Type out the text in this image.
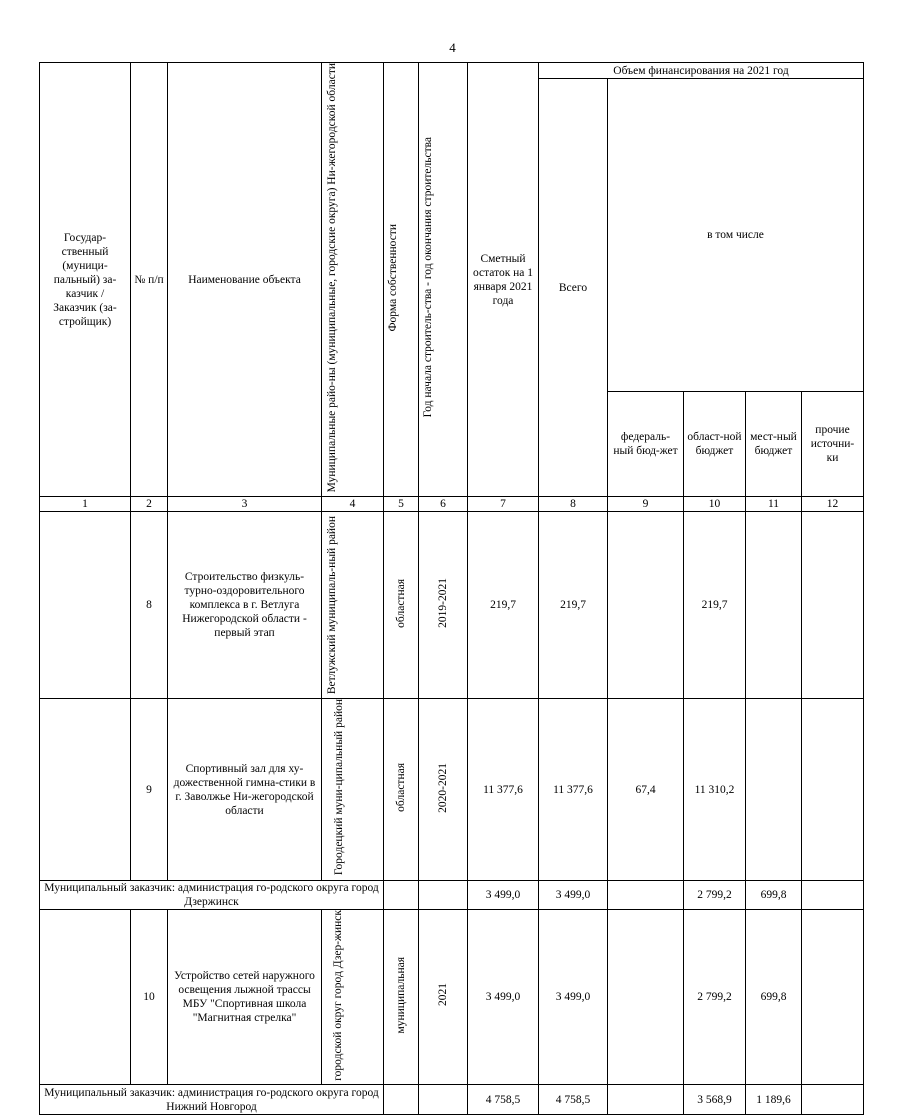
4
Государ-ственный (муници-пальный) за-казчик / Заказчик (за-стройщик)	№ п/п	Наименование объекта	Муниципальные райо-ны (муниципальные, городские округа) Ни-жегородской области	Форма собственности	Год начала строитель-ства - год окончания строительства	Сметный остаток на 1 января 2021 года	Объем финансирования на 2021 год				
							Всего	в том числе			
								федераль-ный бюд-жет	област-ной бюджет	мест-ный бюджет	прочие источни-ки
1	2	3	4	5	6	7	8	9	10	11	12
	8	Строительство физкуль-турно-оздоровительного комплекса в г. Ветлуга Нижегородской области - первый этап	Ветлужский муниципаль-ный район	областная	2019-2021	219,7	219,7		219,7		
	9	Спортивный зал для ху-дожественной гимна-стики в г. Заволжье Ни-жегородской области	Городецкий муни-ципальный район	областная	2020-2021	11 377,6	11 377,6	67,4	11 310,2		
Муниципальный заказчик: администрация го-родского округа город Дзержинск						3 499,0	3 499,0		2 799,2	699,8	
	10	Устройство сетей наружного освещения лыжной трассы МБУ "Спортивная школа "Магнитная стрелка"	городской округ город Дзер-жинск	муниципальная	2021	3 499,0	3 499,0		2 799,2	699,8	
Муниципальный заказчик: администрация го-родского округа город Нижний Новгород						4 758,5	4 758,5		3 568,9	1 189,6	
